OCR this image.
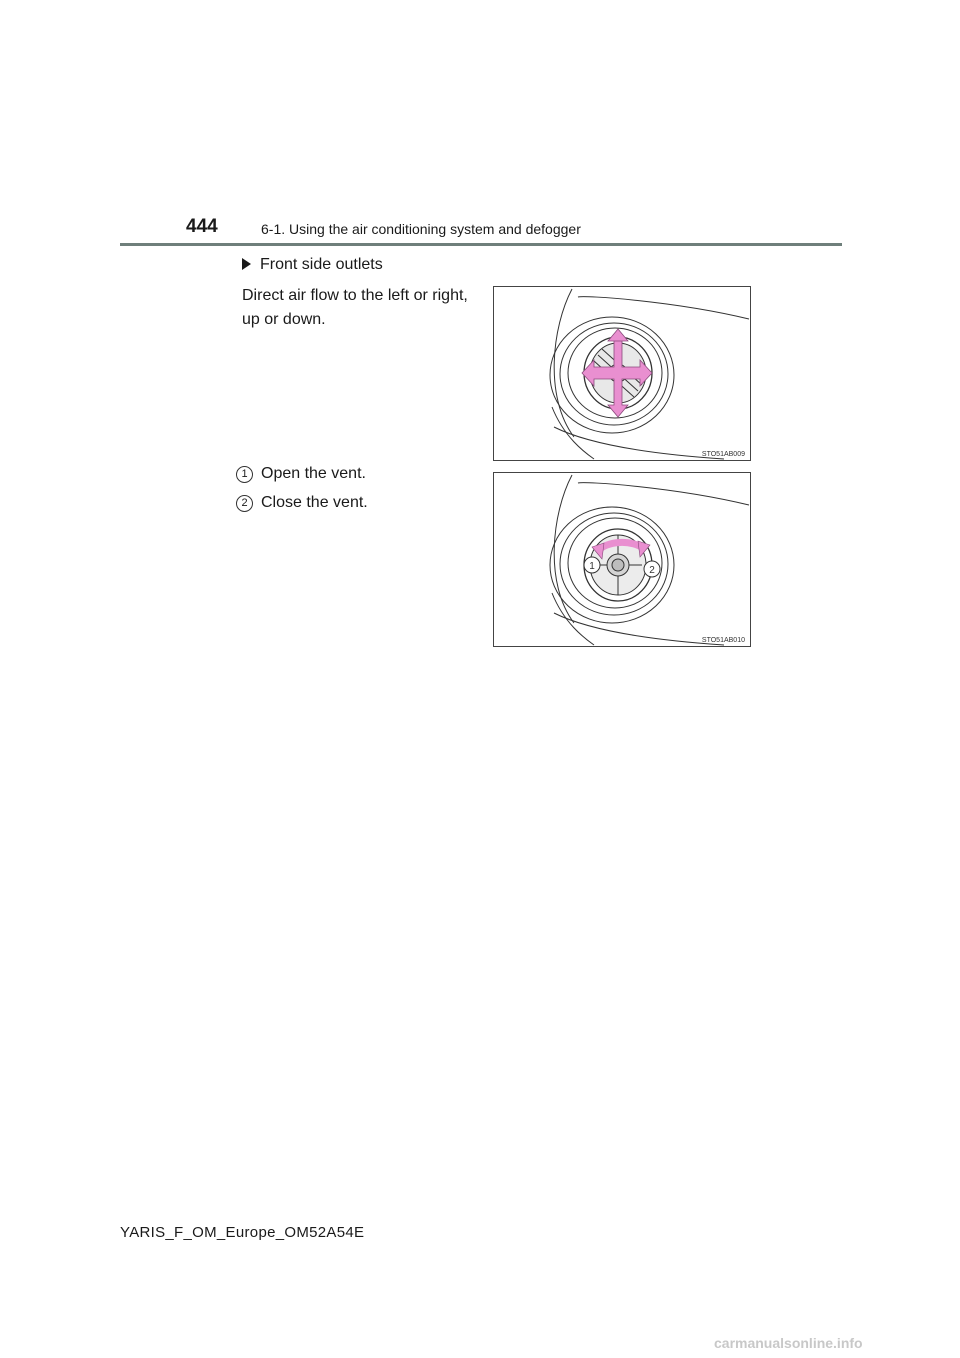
444	6-1. Using the air conditioning system and defogger
Front side outlets
Direct air flow to the left or right,
up or down.
1 Open the vent.
2 Close the vent.
STO51AB009
1	2
STO51AB010
YARIS_F_OM_Europe_OM52A54E
carmanualsonline.info
